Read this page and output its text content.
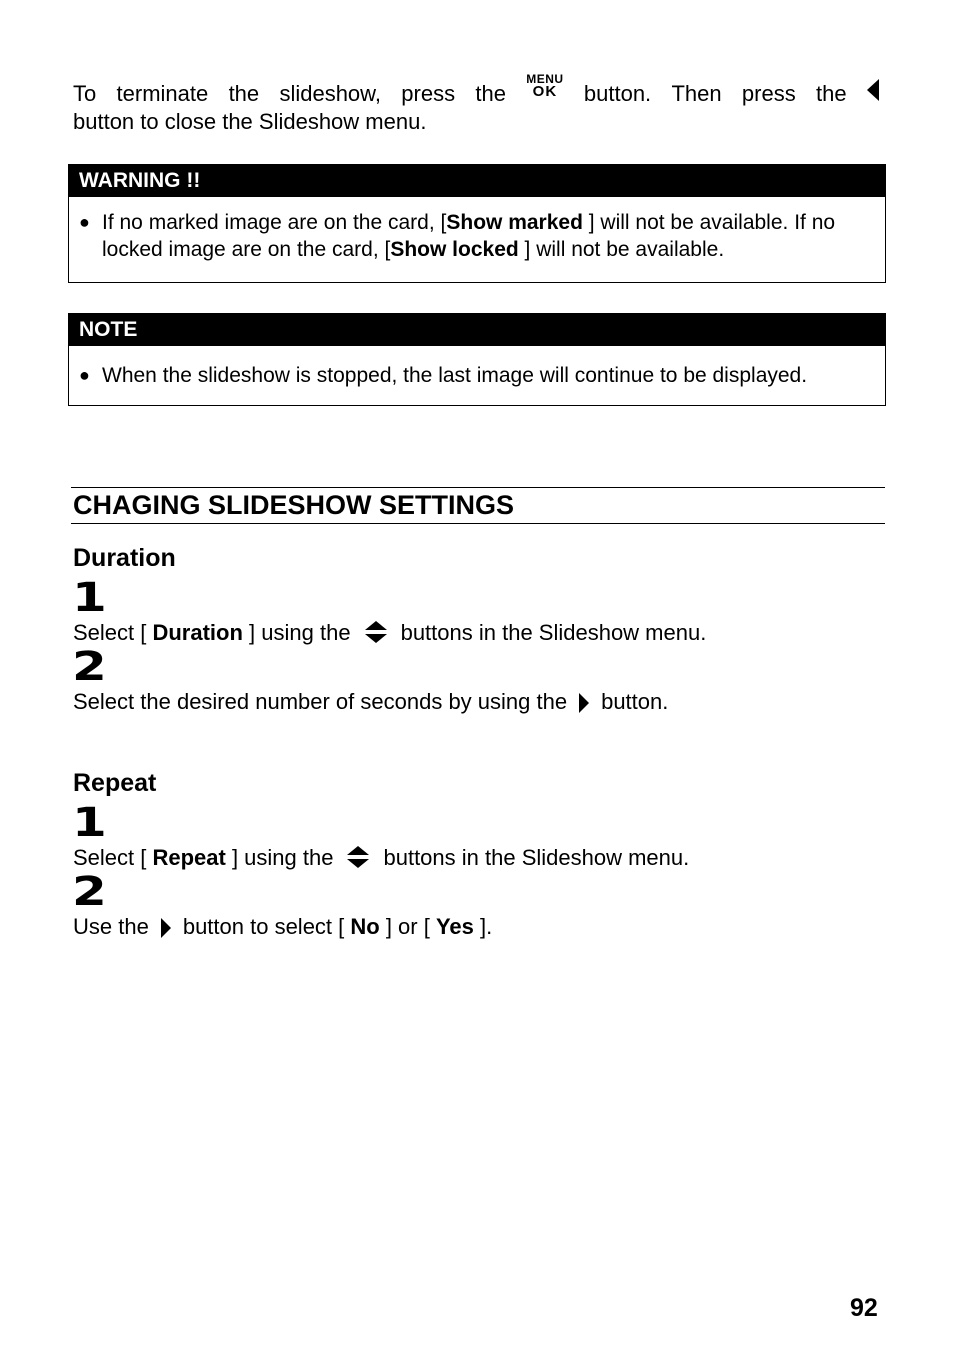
To terminate the slideshow, press the
MENU
OK button. Then press the
button to close the Slideshow menu.
WARNING !!
● If no marked image are on the card, [Show marked ] will not be available. If no locked image are on the card, [Show locked ] will not be available.
NOTE
● When the slideshow is stopped, the last image will continue to be displayed.
CHAGING SLIDESHOW SETTINGS
Duration
1
Select [ Duration ] using the buttons in the Slideshow menu.
2
Select the desired number of seconds by using the button.
Repeat
1
Select [ Repeat ] using the buttons in the Slideshow menu.
2
Use the button to select [ No ] or [ Yes ].
92
